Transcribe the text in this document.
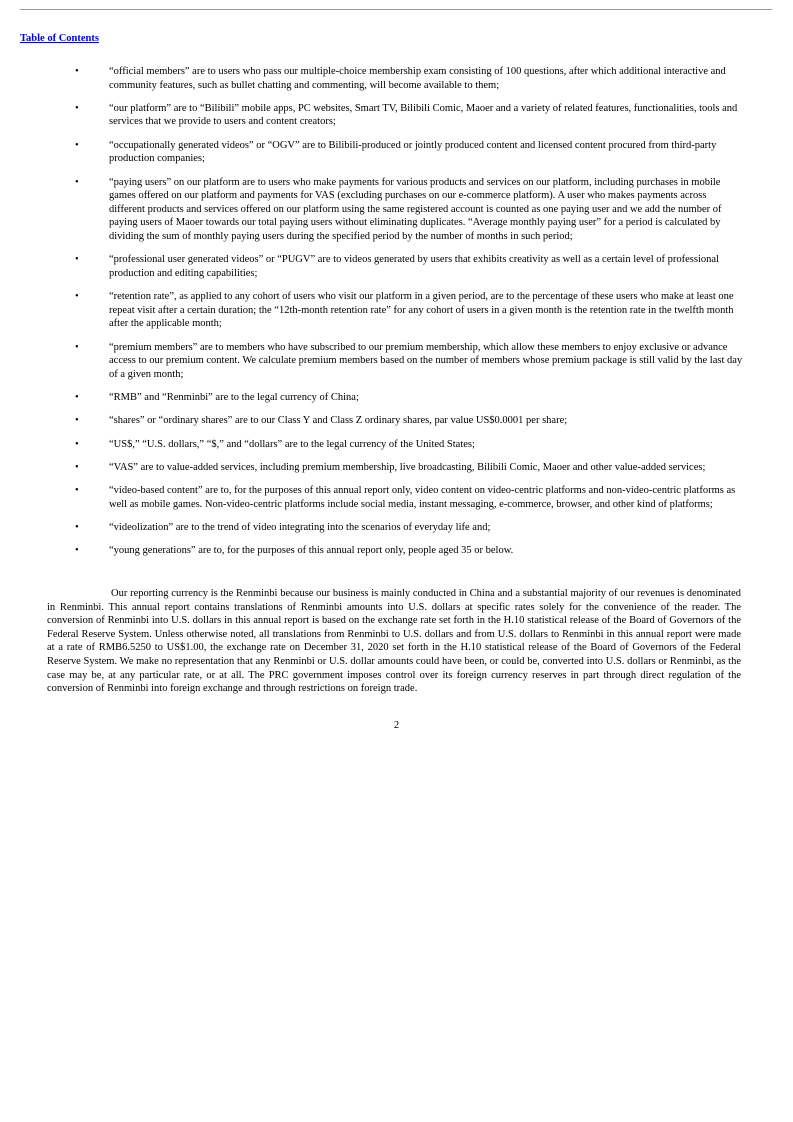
Table of Contents
•	“official members” are to users who pass our multiple-choice membership exam consisting of 100 questions, after which additional interactive and community features, such as bullet chatting and commenting, will become available to them;
•	“our platform” are to “Bilibili” mobile apps, PC websites, Smart TV, Bilibili Comic, Maoer and a variety of related features, functionalities, tools and services that we provide to users and content creators;
•	“occupationally generated videos” or “OGV” are to Bilibili-produced or jointly produced content and licensed content procured from third-party production companies;
•	“paying users” on our platform are to users who make payments for various products and services on our platform, including purchases in mobile games offered on our platform and payments for VAS (excluding purchases on our e-commerce platform). A user who makes payments across different products and services offered on our platform using the same registered account is counted as one paying user and we add the number of paying users of Maoer towards our total paying users without eliminating duplicates. “Average monthly paying user” for a period is calculated by dividing the sum of monthly paying users during the specified period by the number of months in such period;
•	“professional user generated videos” or “PUGV” are to videos generated by users that exhibits creativity as well as a certain level of professional production and editing capabilities;
•	“retention rate”, as applied to any cohort of users who visit our platform in a given period, are to the percentage of these users who make at least one repeat visit after a certain duration; the “12th-month retention rate” for any cohort of users in a given month is the retention rate in the twelfth month after the applicable month;
•	“premium members” are to members who have subscribed to our premium membership, which allow these members to enjoy exclusive or advance access to our premium content. We calculate premium members based on the number of members whose premium package is still valid by the last day of a given month;
•	“RMB” and “Renminbi” are to the legal currency of China;
•	“shares” or “ordinary shares” are to our Class Y and Class Z ordinary shares, par value US$0.0001 per share;
•	“US$,” “U.S. dollars,” “$,” and “dollars” are to the legal currency of the United States;
•	“VAS” are to value-added services, including premium membership, live broadcasting, Bilibili Comic, Maoer and other value-added services;
•	“video-based content” are to, for the purposes of this annual report only, video content on video-centric platforms and non-video-centric platforms as well as mobile games. Non-video-centric platforms include social media, instant messaging, e-commerce, browser, and other kind of platforms;
•	“videolization” are to the trend of video integrating into the scenarios of everyday life and;
•	“young generations” are to, for the purposes of this annual report only, people aged 35 or below.

Our reporting currency is the Renminbi because our business is mainly conducted in China and a substantial majority of our revenues is denominated in Renminbi. This annual report contains translations of Renminbi amounts into U.S. dollars at specific rates solely for the convenience of the reader. The conversion of Renminbi into U.S. dollars in this annual report is based on the exchange rate set forth in the H.10 statistical release of the Board of Governors of the Federal Reserve System. Unless otherwise noted, all translations from Renminbi to U.S. dollars and from U.S. dollars to Renminbi in this annual report were made at a rate of RMB6.5250 to US$1.00, the exchange rate on December 31, 2020 set forth in the H.10 statistical release of the Board of Governors of the Federal Reserve System. We make no representation that any Renminbi or U.S. dollar amounts could have been, or could be, converted into U.S. dollars or Renminbi, as the case may be, at any particular rate, or at all. The PRC government imposes control over its foreign currency reserves in part through direct regulation of the conversion of Renminbi into foreign exchange and through restrictions on foreign trade.

2
